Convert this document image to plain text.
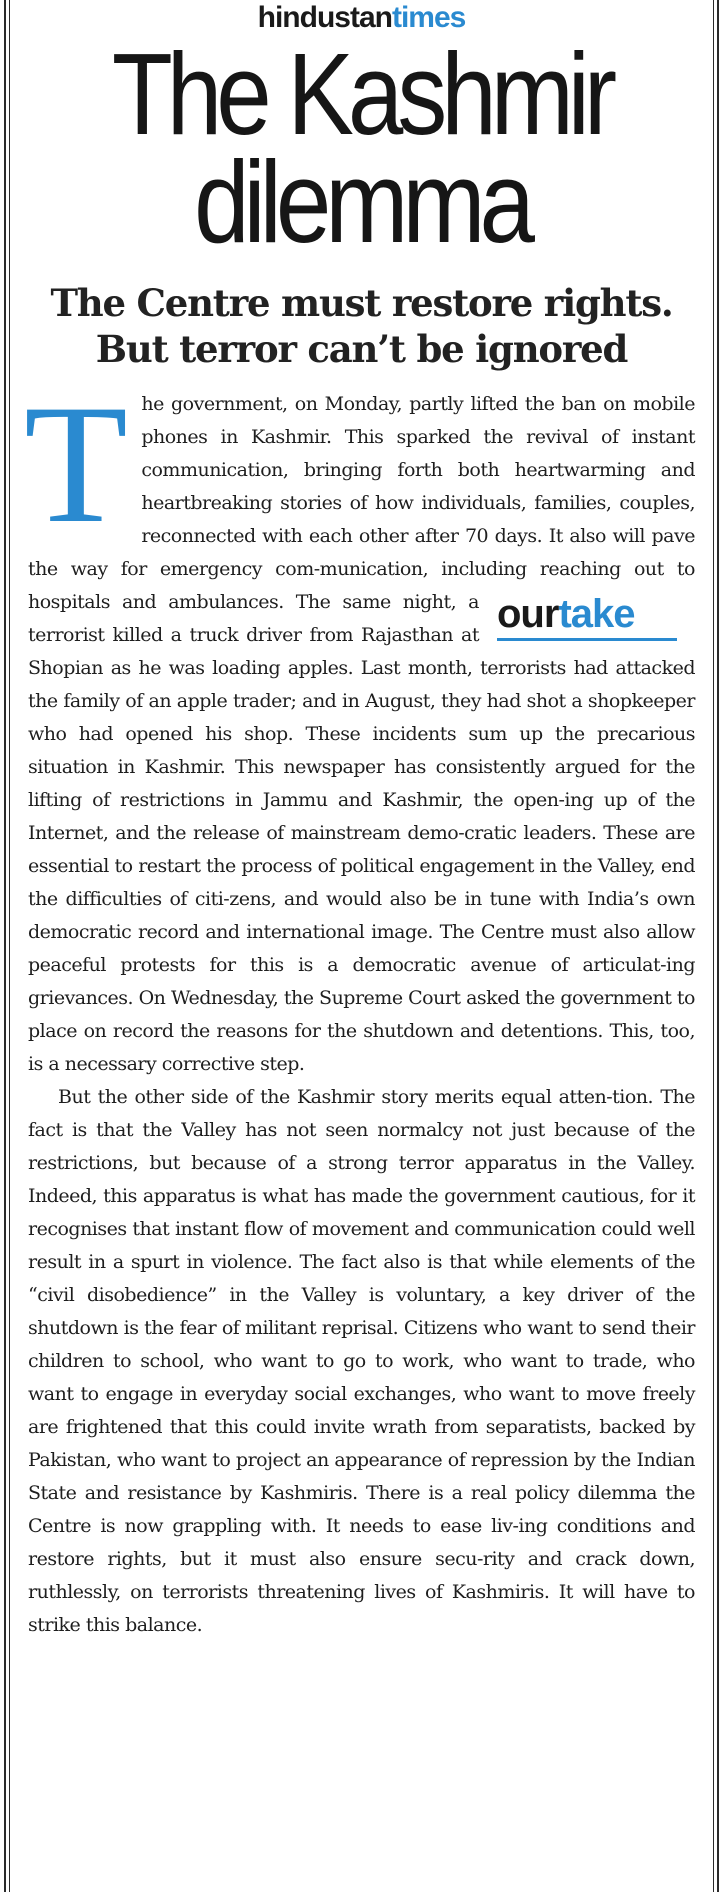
hindustantimes
The Kashmir
dilemma
The Centre must restore rights.
But terror can’t be ignored

T he government, on Monday, partly lifted the ban on mobile phones in Kashmir. This sparked the revival of instant communication, bringing forth both heartwarming and heartbreaking stories of how individuals, families, couples, reconnected with each other after 70 days. It also will pave the way for emergency com-munication, including reaching out to
ourtake
hospitals and ambulances. The same night, a terrorist killed a truck driver from Rajasthan at Shopian as he was loading apples. Last month, terrorists had attacked the family of an apple trader; and in August, they had shot a shopkeeper who had opened his shop. These incidents sum up the precarious situation in Kashmir. This newspaper has consistently argued for the lifting of restrictions in Jammu and Kashmir, the open-ing up of the Internet, and the release of mainstream demo-cratic leaders. These are essential to restart the process of political engagement in the Valley, end the difficulties of citi-zens, and would also be in tune with India’s own democratic record and international image. The Centre must also allow peaceful protests for this is a democratic avenue of articulat-ing grievances. On Wednesday, the Supreme Court asked the government to place on record the reasons for the shutdown and detentions. This, too, is a necessary corrective step.

But the other side of the Kashmir story merits equal atten-tion. The fact is that the Valley has not seen normalcy not just because of the restrictions, but because of a strong terror apparatus in the Valley. Indeed, this apparatus is what has made the government cautious, for it recognises that instant flow of movement and communication could well result in a spurt in violence. The fact also is that while elements of the “civil disobedience” in the Valley is voluntary, a key driver of the shutdown is the fear of militant reprisal. Citizens who want to send their children to school, who want to go to work, who want to trade, who want to engage in everyday social exchanges, who want to move freely are frightened that this could invite wrath from separatists, backed by Pakistan, who want to project an appearance of repression by the Indian State and resistance by Kashmiris. There is a real policy dilemma the Centre is now grappling with. It needs to ease liv-ing conditions and restore rights, but it must also ensure secu-rity and crack down, ruthlessly, on terrorists threatening lives of Kashmiris. It will have to strike this balance.
